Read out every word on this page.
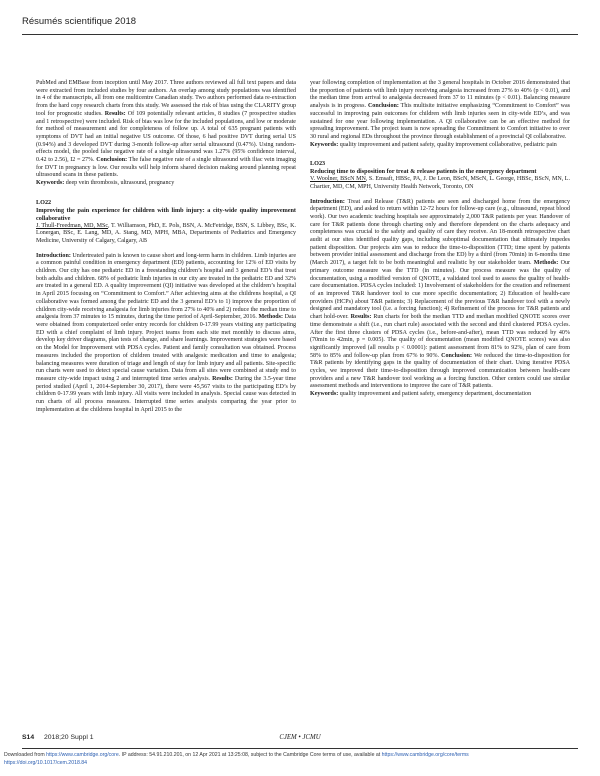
Résumés scientifique 2018

PubMed and EMBase from inception until May 2017. Three authors reviewed all full text papers and data were extracted from included studies by four authors. An overlap among study populations was identified in 4 of the manuscripts, all from one multicentre Canadian study. Two authors performed data re-extraction from the hard copy research charts from this study. We assessed the risk of bias using the CLARITY group tool for prognostic studies. Results: Of 109 potentially relevant articles, 8 studies (7 prospective studies and 1 retrospective) were included. Risk of bias was low for the included populations, and low or moderate for method of measurement and for completeness of follow up. A total of 635 pregnant patients with symptoms of DVT had an initial negative US outcome. Of those, 6 had positive DVT during serial US (0.94%) and 3 developed DVT during 3-month follow-up after serial ultrasound (0.47%). Using random-effects model, the pooled false negative rate of a single ultrasound was 1.27% (95% confidence interval, 0.42 to 2.56), I2 = 27%. Conclusion: The false negative rate of a single ultrasound with iliac vein imaging for DVT in pregnancy is low. Our results will help inform shared decision making around planning repeat ultrasound scans in these patients.

Keywords: deep vein thrombosis, ultrasound, pregnancy

LO22

Improving the pain experience for children with limb injury: a city-wide quality improvement collaborative

J. Thull-Freedman, MD, MSc, T. Williamson, PhD, E. Pols, BSN, A. McFetridge, BSN, S. Libbey, BSc, K. Lonergan, BSc, E. Lang, MD, A. Stang, MD, MPH, MBA, Departments of Pediatrics and Emergency Medicine, University of Calgary, Calgary, AB

Introduction: Undertreated pain is known to cause short and long-term harm in children. Limb injuries are a common painful condition in emergency department (ED) patients, accounting for 12% of ED visits by children. Our city has one pediatric ED in a freestanding children’s hospital and 3 general ED’s that treat both adults and children. 68% of pediatric limb injuries in our city are treated in the pediatric ED and 32% are treated in a general ED. A quality improvement (QI) initiative was developed at the children’s hospital in April 2015 focusing on “Commitment to Comfort.” After achieving aims at the childrens hospital, a QI collaborative was formed among the pediatric ED and the 3 general ED’s to 1) improve the proportion of children city-wide receiving analgesia for limb injuries from 27% to 40% and 2) reduce the median time to analgesia from 37 minutes to 15 minutes, during the time period of April-September, 2016. Methods: Data were obtained from computerized order entry records for children 0-17.99 years visiting any participating ED with a chief complaint of limb injury. Project teams from each site met monthly to discuss aims, develop key driver diagrams, plan tests of change, and share learnings. Improvement strategies were based on the Model for Improvement with PDSA cycles. Patient and family consultation was obtained. Process measures included the proportion of children treated with analgesic medication and time to analgesia; balancing measures were duration of triage and length of stay for limb injury and all patients. Site-specific run charts were used to detect special cause variation. Data from all sites were combined at study end to measure city-wide impact using 2 and interrupted time series analysis. Results: During the 3.5-year time period studied (April 1, 2014-September 30, 2017), there were 45,567 visits to the participating ED’s by children 0-17.99 years with limb injury. All visits were included in analysis. Special cause was detected in run charts of all process measures. Interrupted time series analysis comparing the year prior to implementation at the childrens hospital in April 2015 to the

year following completion of implementation at the 3 general hospitals in October 2016 demonstrated that the proportion of patients with limb injury receiving analgesia increased from 27% to 40% (p < 0.01), and the median time from arrival to analgesia decreased from 37 to 11 minutes (p < 0.01). Balancing measure analysis is in progress. Conclusion: This multisite initiative emphasizing “Commitment to Comfort” was successful in improving pain outcomes for children with limb injuries seen in city-wide ED’s, and was sustained for one year following implementation. A QI collaborative can be an effective method for spreading improvement. The project team is now spreading the Commitment to Comfort initiative to over 30 rural and regional EDs throughout the province through establishment of a provincial QI collaborative.

Keywords: quality improvement and patient safety, quality improvement collaborative, pediatric pain

LO23

Reducing time to disposition for treat & release patients in the emergency department

V. Woolner, BScN MN, S. Emsaft, HBSc, PA, J. De Leon, BScN, MScN, L. George, HBSc, BScN, MN, L. Chartier, MD, CM, MPH, University Health Network, Toronto, ON

Introduction: Treat and Release (T&R) patients are seen and discharged home from the emergency department (ED), and asked to return within 12-72 hours for follow-up care (e.g., ultrasound, repeat blood work). Our two academic teaching hospitals see approximately 2,000 T&R patients per year. Handover of care for T&R patients done through charting only and therefore dependent on the charts adequacy and completeness was crucial to the safety and quality of care they receive. An 18-month retrospective chart audit at our sites identified quality gaps, including suboptimal documentation that ultimately impedes patient disposition. Our projects aim was to reduce the time-to-disposition (TTD; time spent by patients between provider initial assessment and discharge from the ED) by a third (from 70min) in 6-months time (March 2017), a target felt to be both meaningful and realistic by our stakeholder team. Methods: Our primary outcome measure was the TTD (in minutes). Our process measure was the quality of documentation, using a modified version of QNOTE, a validated tool used to assess the quality of health-care documentation. PDSA cycles included: 1) Involvement of stakeholders for the creation and refinement of an improved T&R handover tool to cue more specific documentation; 2) Education of health-care providers (HCPs) about T&R patients; 3) Replacement of the previous T&R handover tool with a newly designed and mandatory tool (i.e. a forcing function); 4) Refinement of the process for T&R patients and chart hold-over. Results: Run charts for both the median TTD and median modified QNOTE scores over time demonstrate a shift (i.e., run chart rule) associated with the second and third clustered PDSA cycles. After the first three clusters of PDSA cycles (i.e., before-and-after), mean TTD was reduced by 40% (70min to 42min, p = 0.005). The quality of documentation (mean modified QNOTE scores) was also significantly improved (all results p < 0.0001): patient assessment from 81% to 92%, plan of care from 58% to 85% and follow-up plan from 67% to 90%. Conclusion: We reduced the time-to-disposition for T&R patients by identifying gaps in the quality of documentation of their chart. Using iterative PDSA cycles, we improved their time-to-disposition through improved communication between health-care providers and a new T&R handover tool working as a forcing function. Other centers could use similar assessment methods and interventions to improve the care of T&R patients.

Keywords: quality improvement and patient safety, emergency department, documentation

S14 2018;20 Suppl 1	CJEM • JCMU
Downloaded from https://www.cambridge.org/core. IP address: 54.91.210.201, on 12 Apr 2021 at 13:25:08, subject to the Cambridge Core terms of use, available at https://www.cambridge.org/core/terms
https://doi.org/10.1017/cem.2018.84
